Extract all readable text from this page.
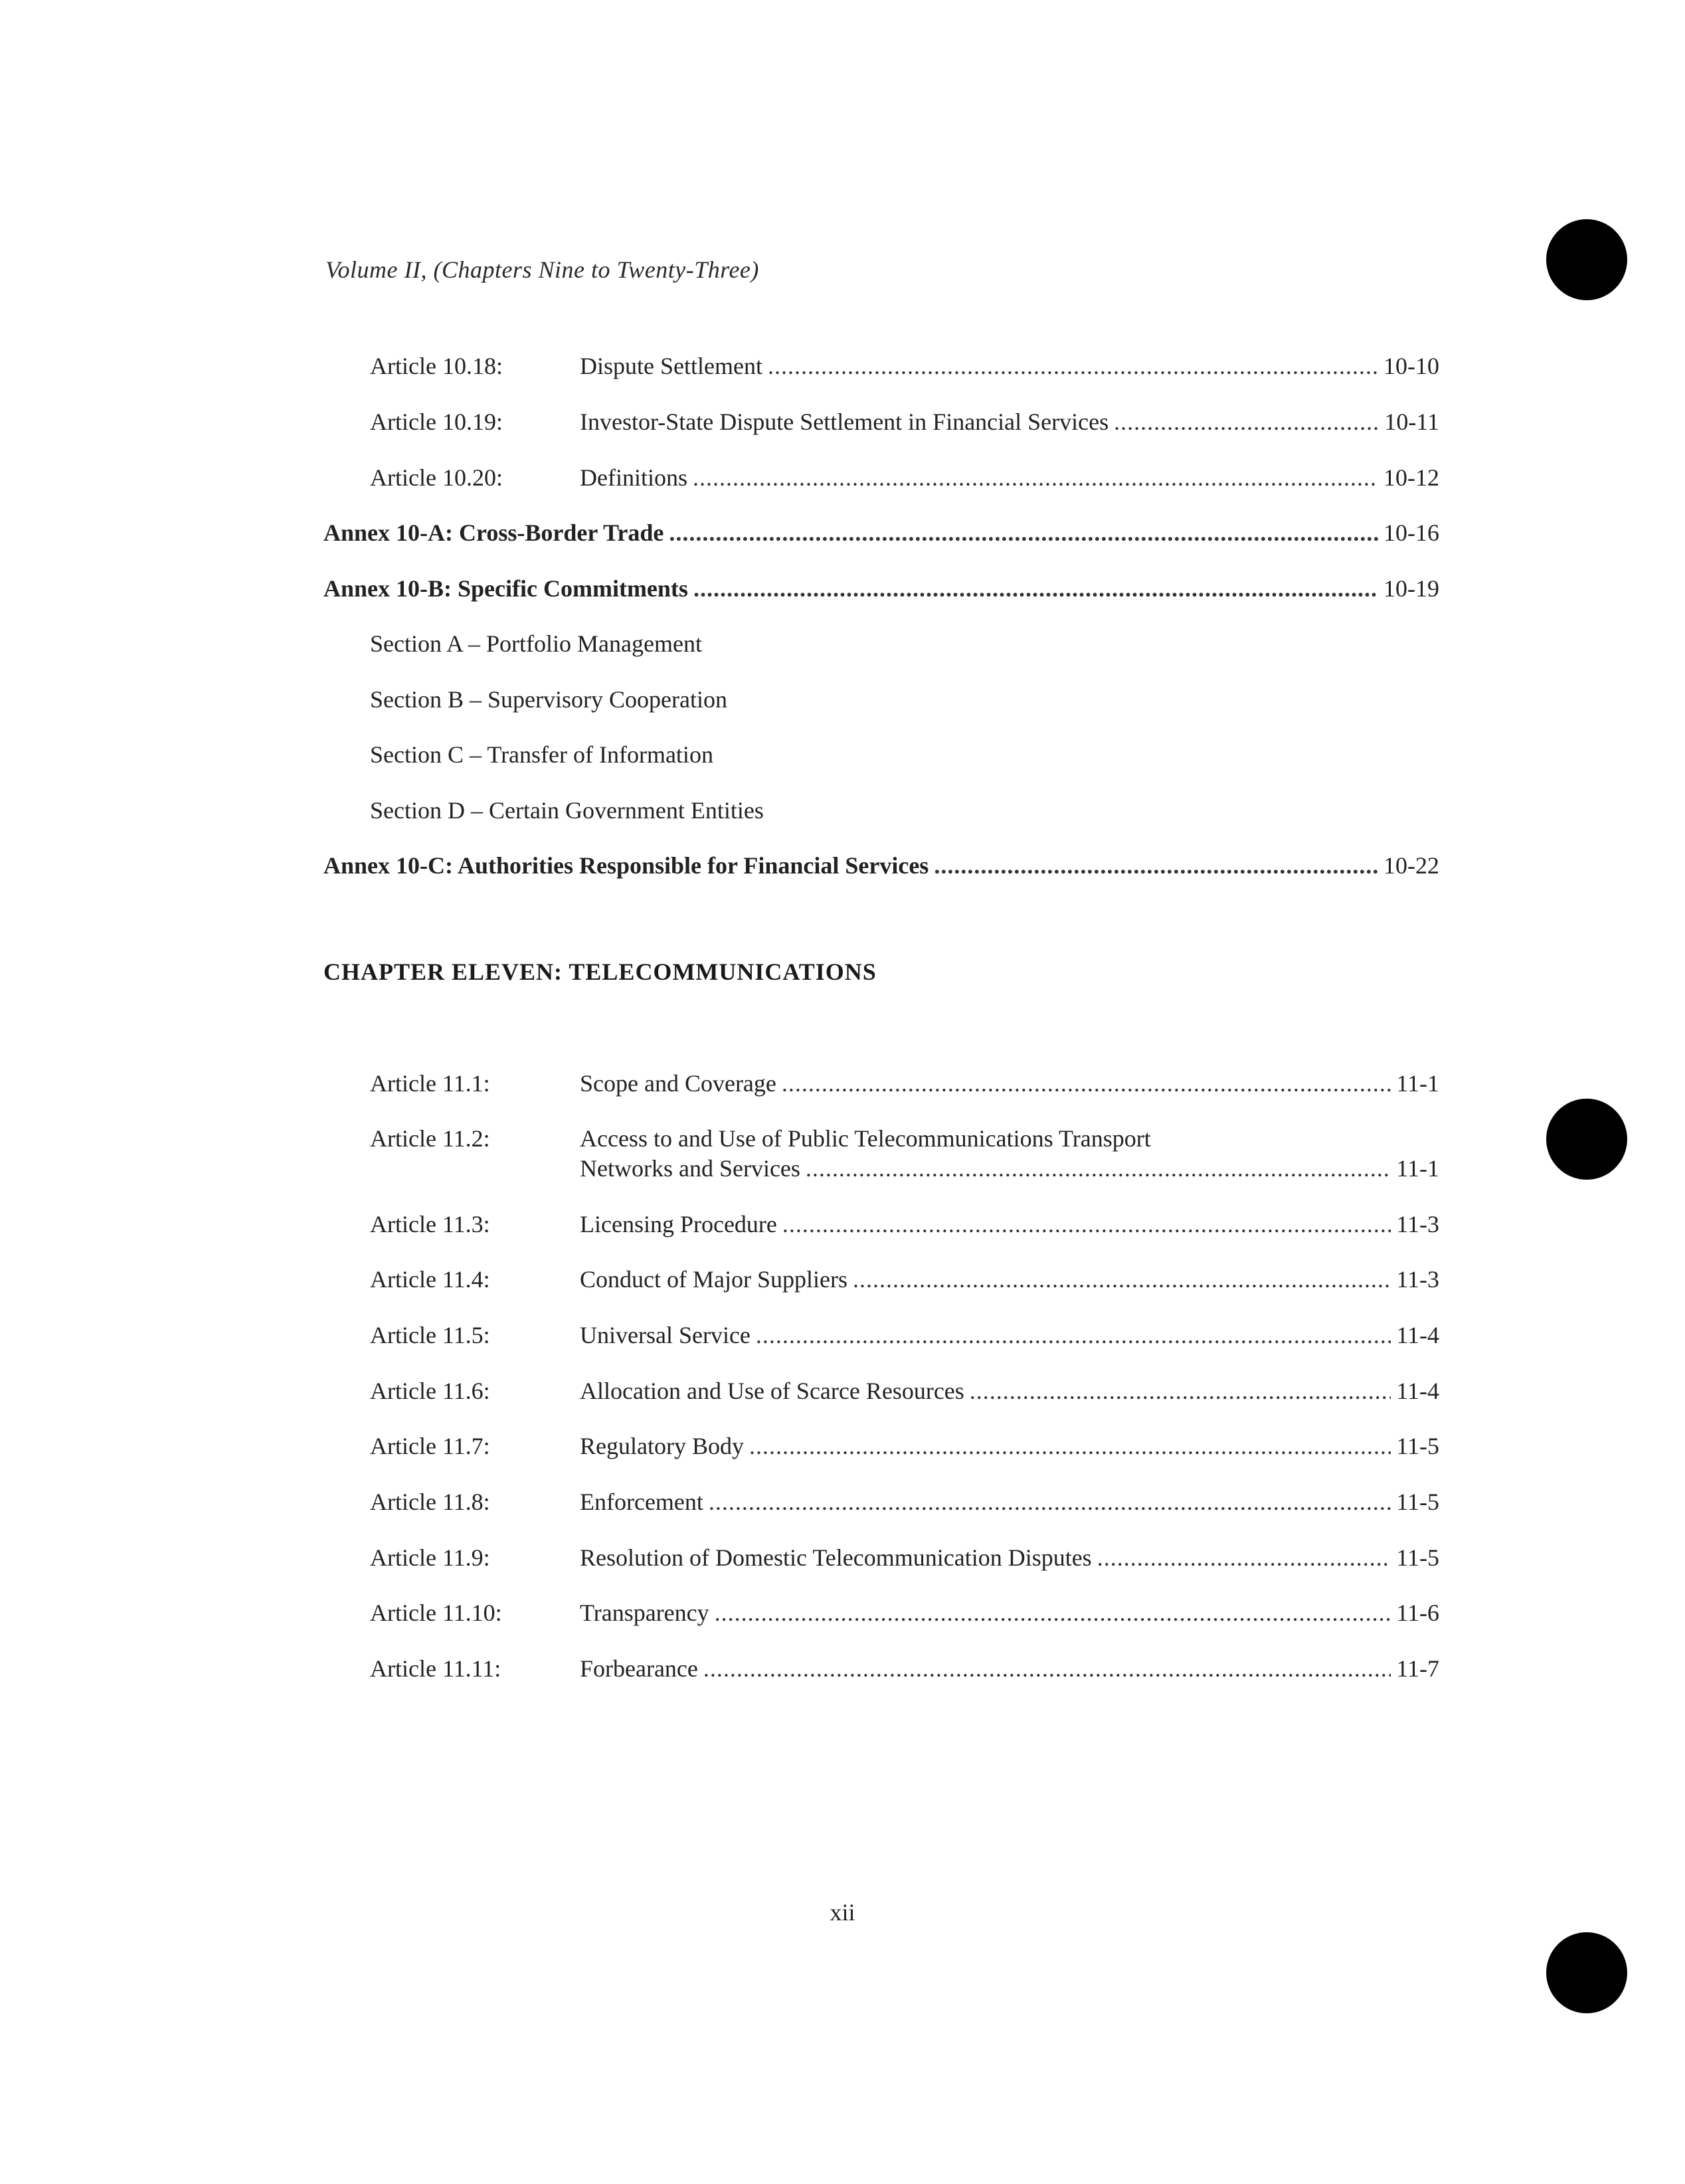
Volume II, (Chapters Nine to Twenty-Three)
Article 10.18:	Dispute Settlement . . .	10-10
Article 10.19:	Investor-State Dispute Settlement in Financial Services . . .	10-11
Article 10.20:	Definitions . . .	10-12
Annex 10-A: Cross-Border Trade . . .	10-16
Annex 10-B: Specific Commitments . . .	10-19
Section A – Portfolio Management
Section B – Supervisory Cooperation
Section C – Transfer of Information
Section D – Certain Government Entities
Annex 10-C: Authorities Responsible for Financial Services . . .	10-22
CHAPTER ELEVEN: TELECOMMUNICATIONS
Article 11.1:	Scope and Coverage . . .	11-1
Article 11.2:	Access to and Use of Public Telecommunications Transport
Networks and Services . . .	11-1
Article 11.3:	Licensing Procedure . . .	11-3
Article 11.4:	Conduct of Major Suppliers . . .	11-3
Article 11.5:	Universal Service . . .	11-4
Article 11.6:	Allocation and Use of Scarce Resources . . .	11-4
Article 11.7:	Regulatory Body . . .	11-5
Article 11.8:	Enforcement . . .	11-5
Article 11.9:	Resolution of Domestic Telecommunication Disputes . . .	11-5
Article 11.10:	Transparency . . .	11-6
Article 11.11:	Forbearance . . .	11-7
xii
